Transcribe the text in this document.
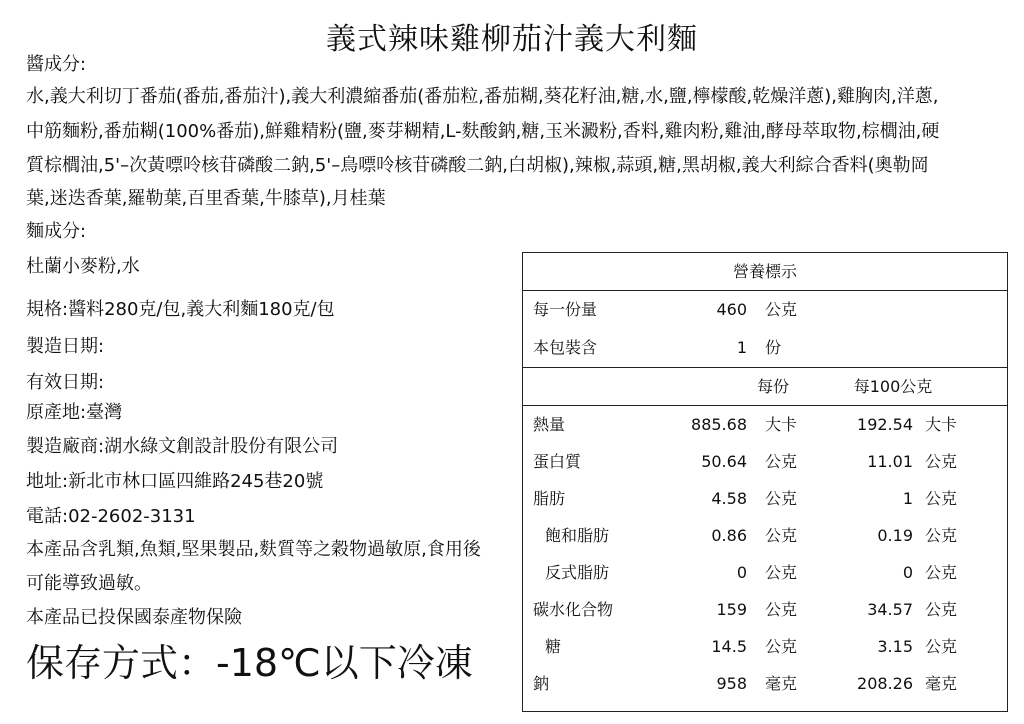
義式辣味雞柳茄汁義大利麵
醬成分:
水,義大利切丁番茄(番茄,番茄汁),義大利濃縮番茄(番茄粒,番茄糊,葵花籽油,糖,水,鹽,檸檬酸,乾燥洋蔥),雞胸肉,洋蔥,
中筋麵粉,番茄糊(100%番茄),鮮雞精粉(鹽,麥芽糊精,L-麩酸鈉,糖,玉米澱粉,香料,雞肉粉,雞油,酵母萃取物,棕櫚油,硬
質棕櫚油,5'–次黃嘌呤核苷磷酸二鈉,5'–鳥嘌呤核苷磷酸二鈉,白胡椒),辣椒,蒜頭,糖,黑胡椒,義大利綜合香料(奧勒岡
葉,迷迭香葉,羅勒葉,百里香葉,牛膝草),月桂葉
麵成分:
杜蘭小麥粉,水
規格:醬料280克/包,義大利麵180克/包
製造日期:
有效日期:
原產地:臺灣
製造廠商:湖水綠文創設計股份有限公司
地址:新北市林口區四維路245巷20號
電話:02-2602-3131
本產品含乳類,魚類,堅果製品,麩質等之穀物過敏原,食用後
可能導致過敏。
本產品已投保國泰產物保險
保存方式：-18℃以下冷凍
營養標示
每一份量	460 公克
本包裝含	1 份
每份	每100公克
熱量	885.68 大卡	192.54 大卡
蛋白質	50.64 公克	11.01 公克
脂肪	4.58 公克	1 公克
飽和脂肪	0.86 公克	0.19 公克
反式脂肪	0 公克	0 公克
碳水化合物	159 公克	34.57 公克
糖	14.5 公克	3.15 公克
鈉	958 毫克	208.26 毫克
